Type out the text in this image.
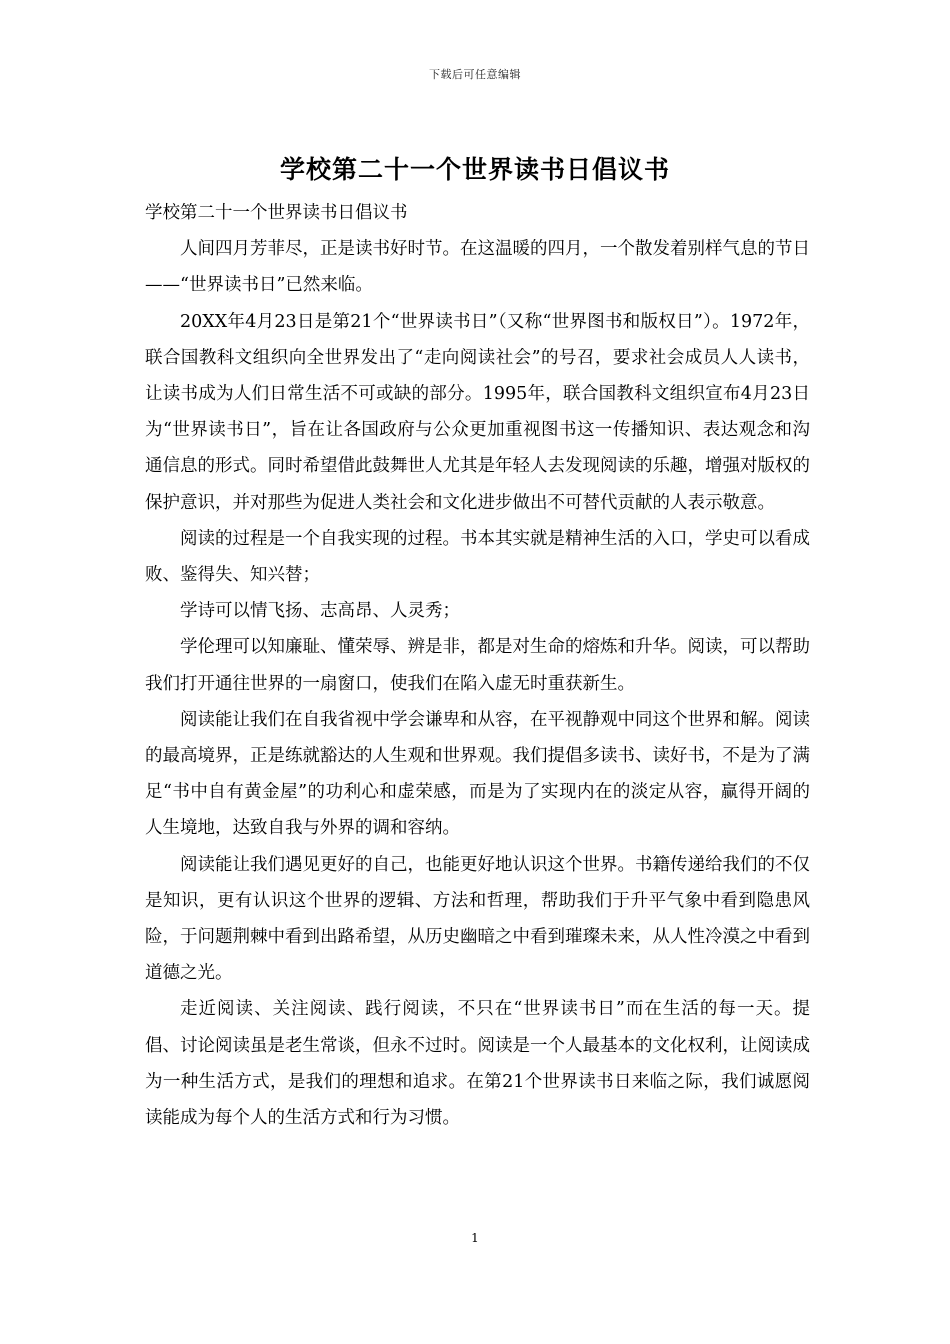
下载后可任意编辑
学校第二十一个世界读书日倡议书

学校第二十一个世界读书日倡议书

人间四月芳菲尽，正是读书好时节。在这温暖的四月，一个散发着别样气息的节日——“世界读书日”已然来临。

20XX年4月23日是第21个“世界读书日”（又称“世界图书和版权日”）。1972年，联合国教科文组织向全世界发出了“走向阅读社会”的号召，要求社会成员人人读书，让读书成为人们日常生活不可或缺的部分。1995年，联合国教科文组织宣布4月23日为“世界读书日”，旨在让各国政府与公众更加重视图书这一传播知识、表达观念和沟通信息的形式。同时希望借此鼓舞世人尤其是年轻人去发现阅读的乐趣，增强对版权的保护意识，并对那些为促进人类社会和文化进步做出不可替代贡献的人表示敬意。

阅读的过程是一个自我实现的过程。书本其实就是精神生活的入口，学史可以看成败、鉴得失、知兴替；

学诗可以情飞扬、志高昂、人灵秀；

学伦理可以知廉耻、懂荣辱、辨是非，都是对生命的熔炼和升华。阅读，可以帮助我们打开通往世界的一扇窗口，使我们在陷入虚无时重获新生。

阅读能让我们在自我省视中学会谦卑和从容，在平视静观中同这个世界和解。阅读的最高境界，正是练就豁达的人生观和世界观。我们提倡多读书、读好书，不是为了满足“书中自有黄金屋”的功利心和虚荣感，而是为了实现内在的淡定从容，赢得开阔的人生境地，达致自我与外界的调和容纳。

阅读能让我们遇见更好的自己，也能更好地认识这个世界。书籍传递给我们的不仅是知识，更有认识这个世界的逻辑、方法和哲理，帮助我们于升平气象中看到隐患风险，于问题荆棘中看到出路希望，从历史幽暗之中看到璀璨未来，从人性冷漠之中看到道德之光。

走近阅读、关注阅读、践行阅读，不只在“世界读书日”而在生活的每一天。提倡、讨论阅读虽是老生常谈，但永不过时。阅读是一个人最基本的文化权利，让阅读成为一种生活方式，是我们的理想和追求。在第21个世界读书日来临之际，我们诚愿阅读能成为每个人的生活方式和行为习惯。

1
